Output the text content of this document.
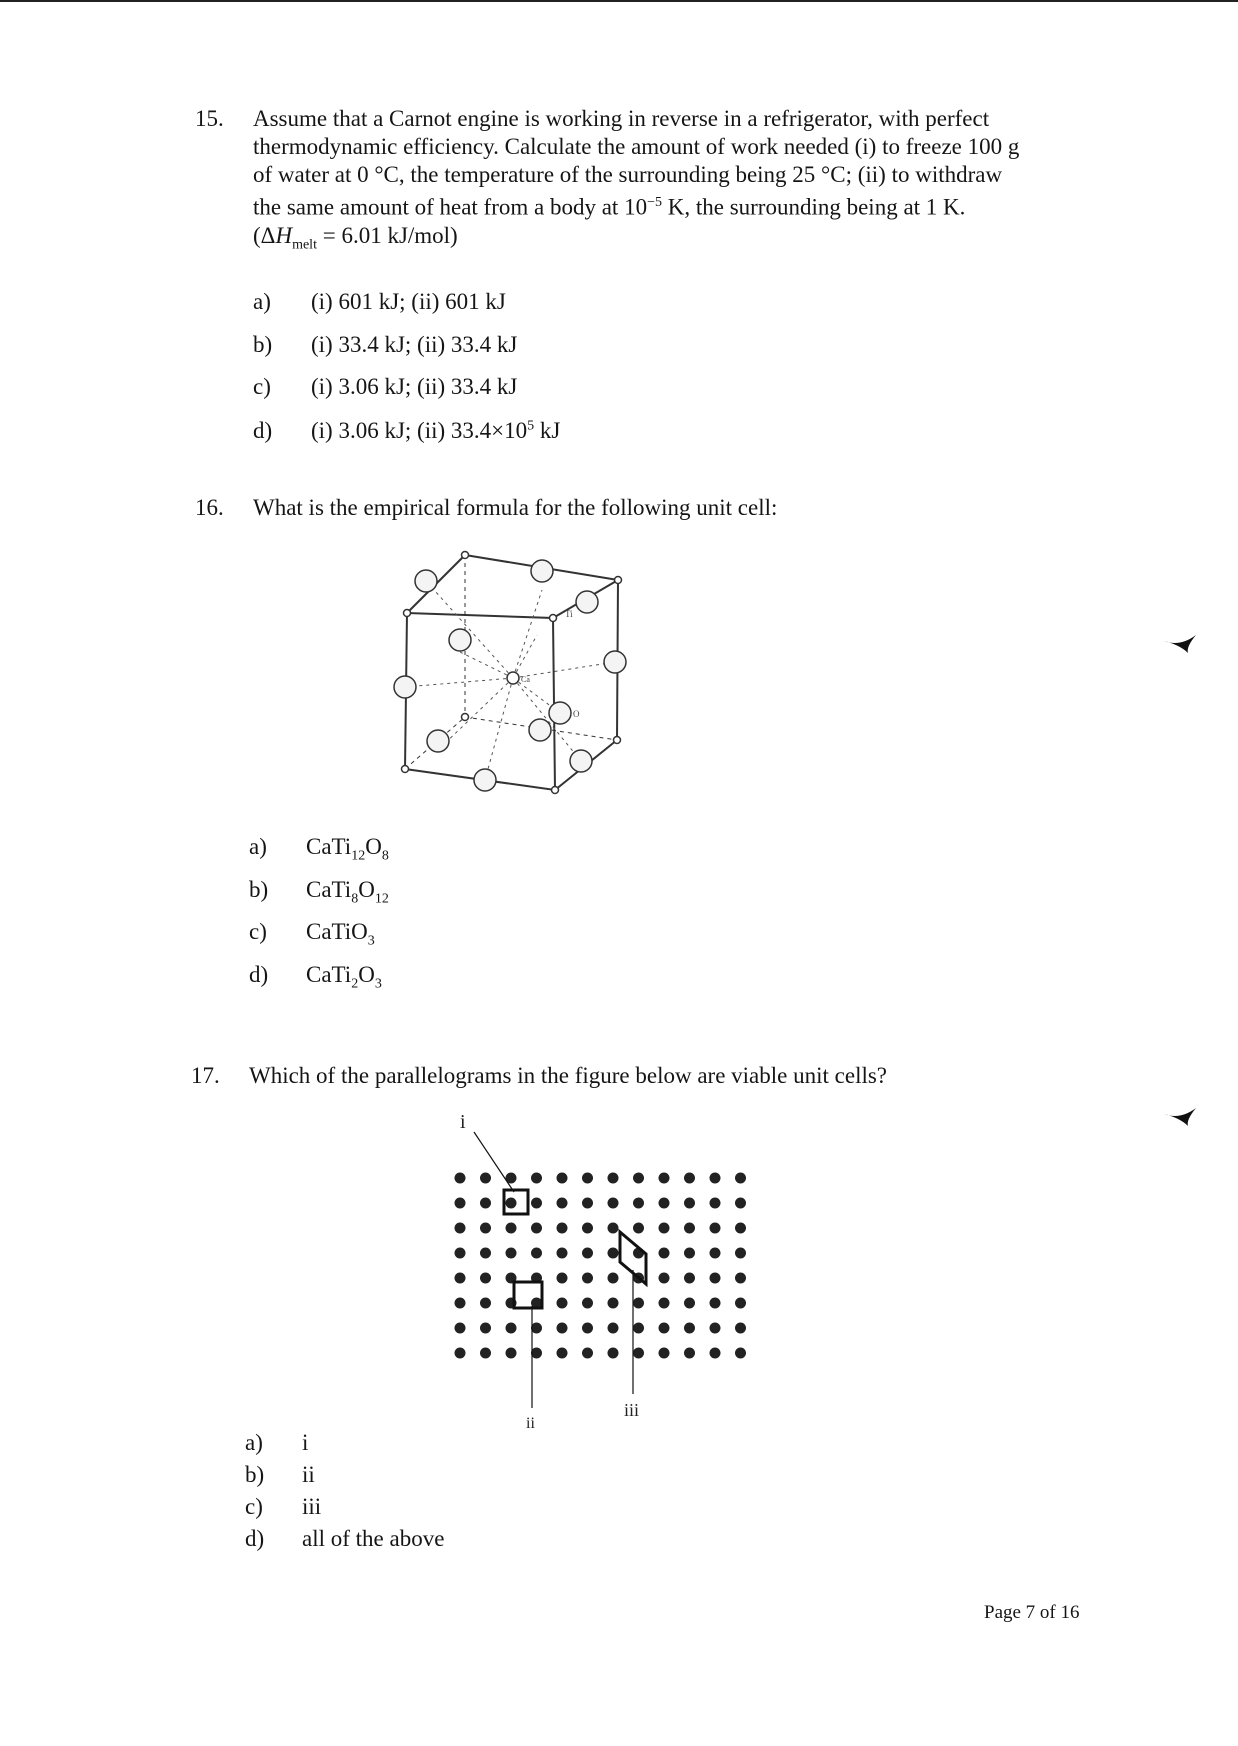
15. Assume that a Carnot engine is working in reverse in a refrigerator, with perfect
thermodynamic efficiency. Calculate the amount of work needed (i) to freeze 100 g
of water at 0 °C, the temperature of the surrounding being 25 °C; (ii) to withdraw
the same amount of heat from a body at $10^{-5}$ K, the surrounding being at 1 K.
($\Delta H_{melt} = 6.01$ kJ/mol)
a) (i) 601 kJ; (ii) 601 kJ
b) (i) 33.4 kJ; (ii) 33.4 kJ
c) (i) 3.06 kJ; (ii) 33.4 kJ
d) (i) 3.06 kJ; (ii) $33.4\times 10^5$ kJ
16. What is the empirical formula for the following unit cell:
Ti
Ca
O
a) $CaTi_{12}O_8$
b) $CaTi_8O_{12}$
c) CaTiO$_3$
d) $CaTi_2O_3$
17. Which of the parallelograms in the figure below are viable unit cells?
i
ii
iii
a) i
b) ii
c) iii
d) all of the above
Page 7 of 16
